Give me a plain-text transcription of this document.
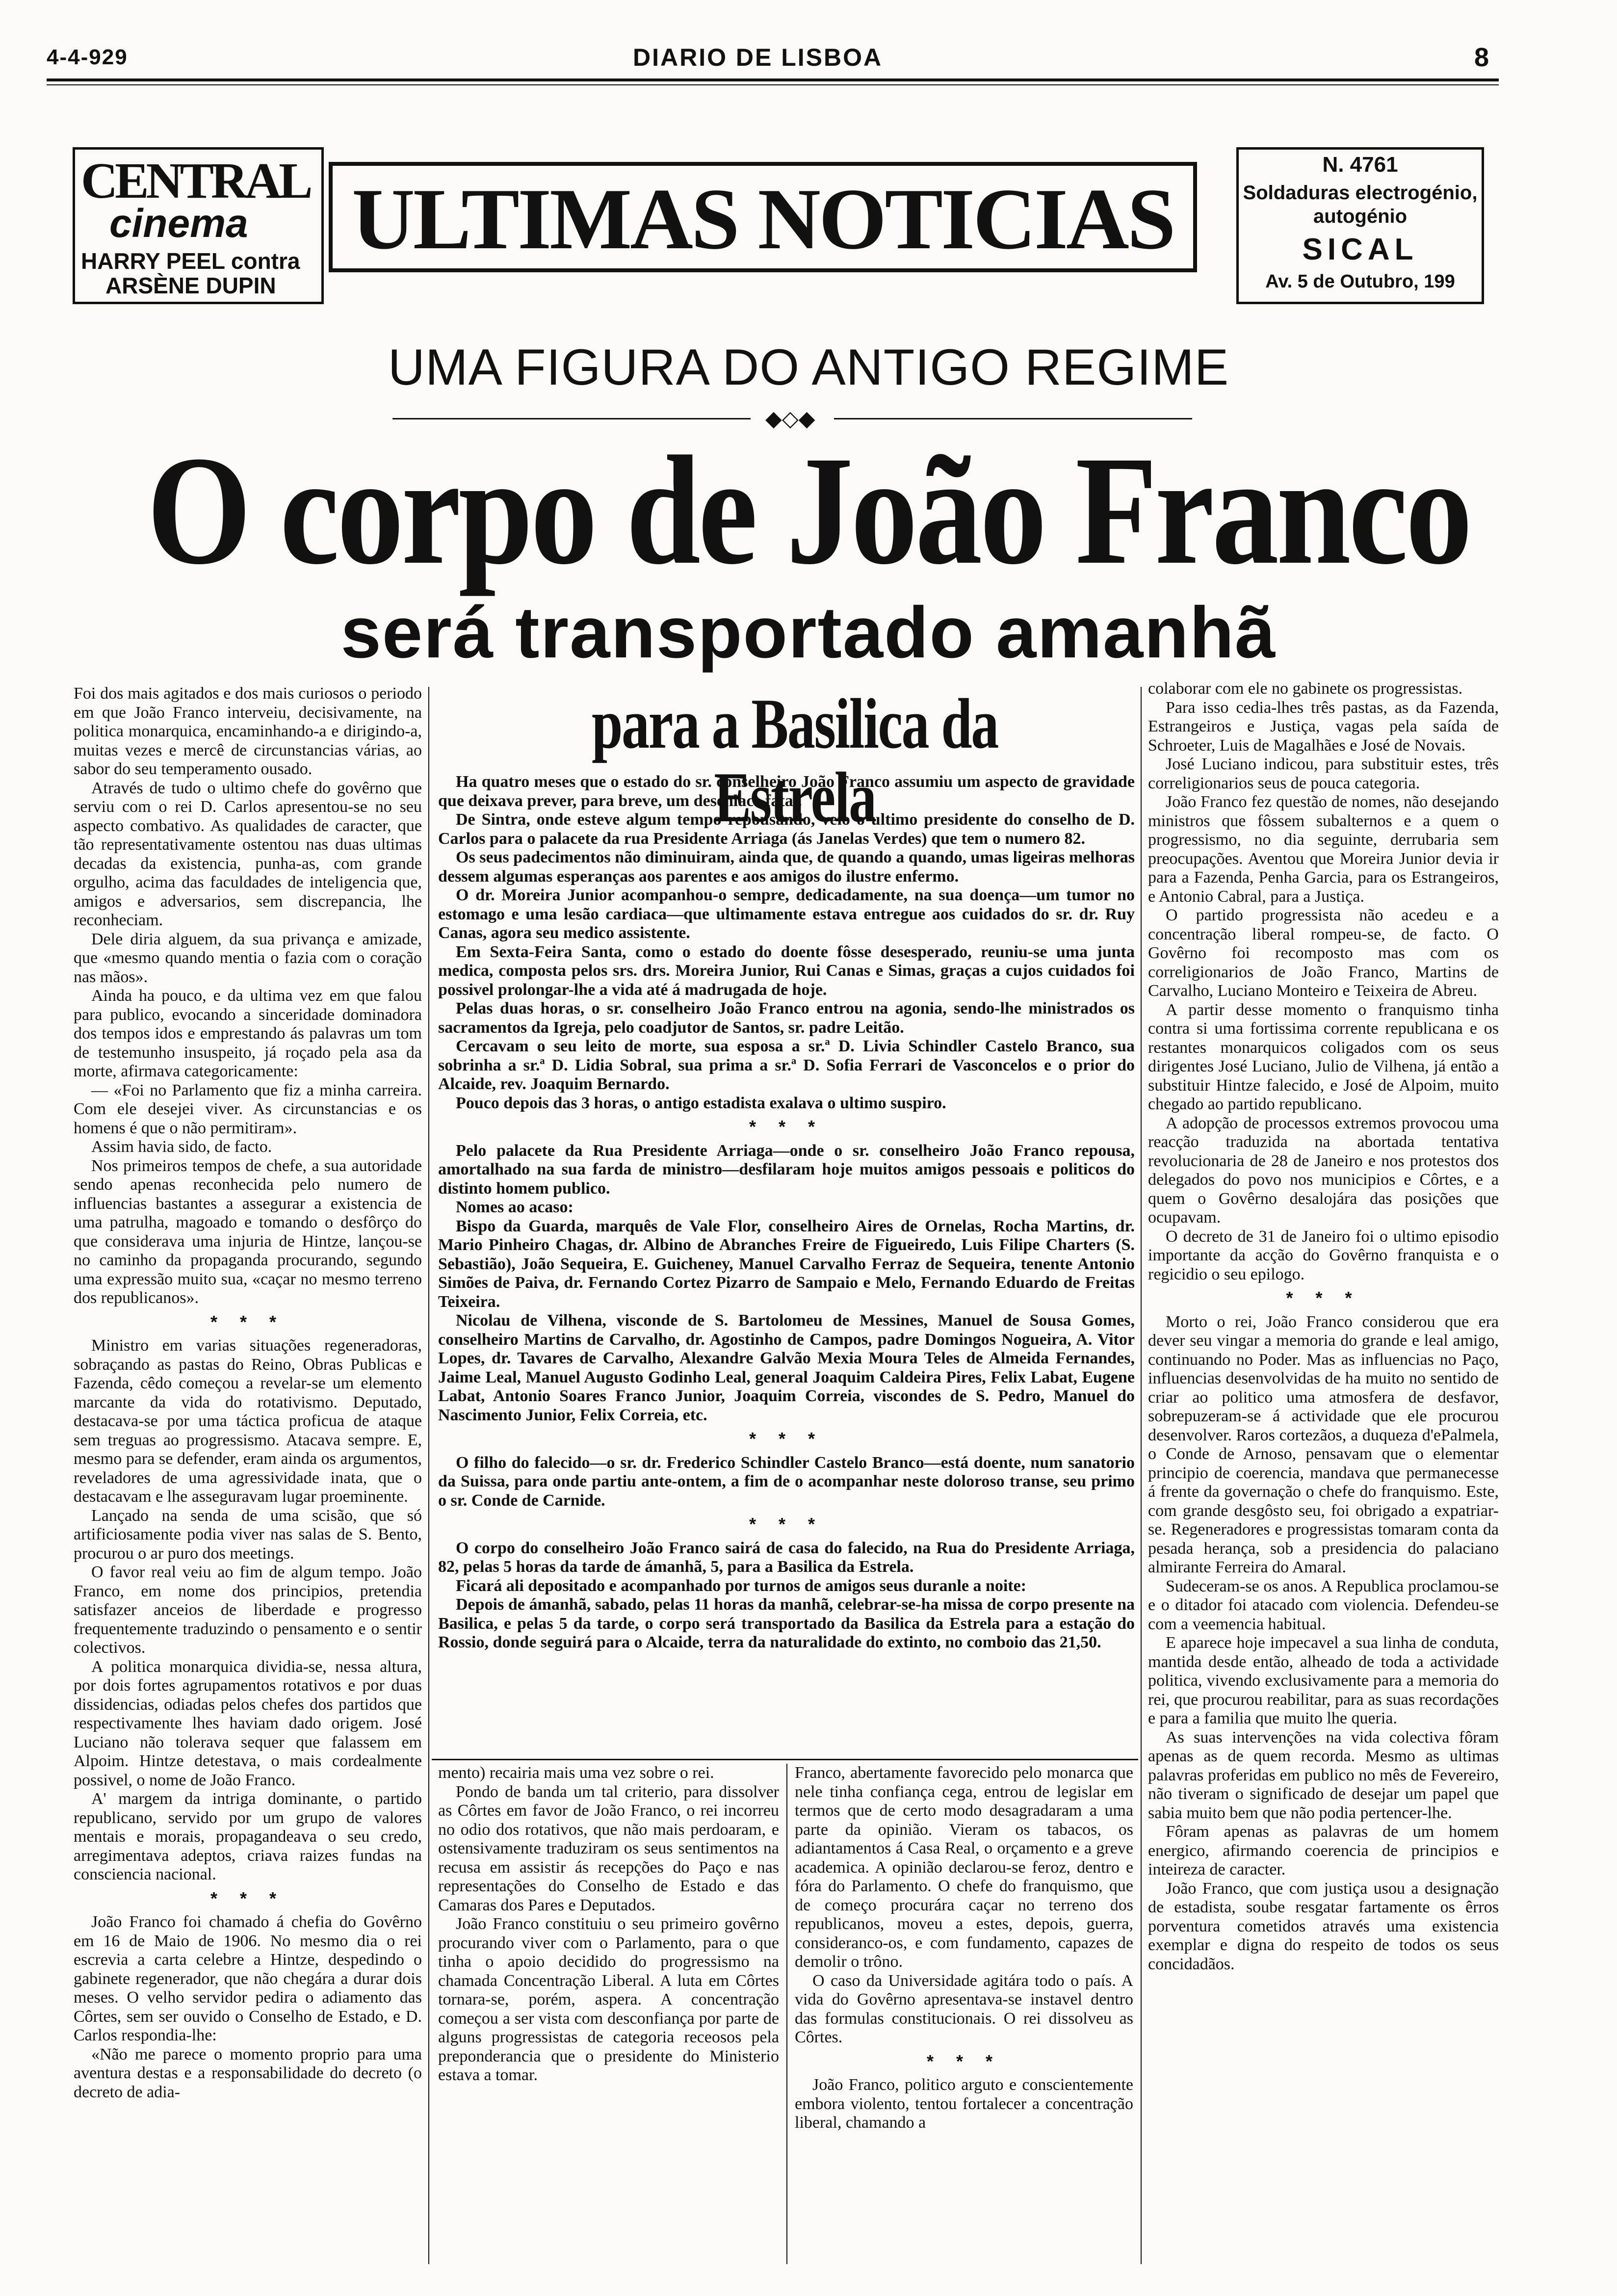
4-4-929	DIARIO DE LISBOA	8
CENTRAL
cinema
HARRY PEEL contra
ARSÈNE DUPIN
ULTIMAS NOTICIAS
N. 4761
Soldaduras electrogénio,
autogénio
SICAL
Av. 5 de Outubro, 199
UMA FIGURA DO ANTIGO REGIME
◆◇◆
O corpo de João Franco
será transportado amanhã
para a Basilica da Estrela

Foi dos mais agitados e dos mais curiosos o periodo em que João Franco interveiu, decisivamente, na politica monarquica, encaminhando-a e dirigindo-a, muitas vezes e mercê de circunstancias várias, ao sabor do seu temperamento ousado.

Através de tudo o ultimo chefe do govêrno que serviu com o rei D. Carlos apresentou-se no seu aspecto combativo. As qualidades de caracter, que tão representativamente ostentou nas duas ultimas decadas da existencia, punha-as, com grande orgulho, acima das faculdades de inteligencia que, amigos e adversarios, sem discrepancia, lhe reconheciam.

Dele diria alguem, da sua privança e amizade, que «mesmo quando mentia o fazia com o coração nas mãos».

Ainda ha pouco, e da ultima vez em que falou para publico, evocando a sinceridade dominadora dos tempos idos e emprestando ás palavras um tom de testemunho insuspeito, já roçado pela asa da morte, afirmava categoricamente:

— «Foi no Parlamento que fiz a minha carreira. Com ele desejei viver. As circunstancias e os homens é que o não permitiram».

Assim havia sido, de facto.

Nos primeiros tempos de chefe, a sua autoridade sendo apenas reconhecida pelo numero de influencias bastantes a assegurar a existencia de uma patrulha, magoado e tomando o desfôrço do que considerava uma injuria de Hintze, lançou-se no caminho da propaganda procurando, segundo uma expressão muito sua, «caçar no mesmo terreno dos republicanos».

* * *

Ministro em varias situações regeneradoras, sobraçando as pastas do Reino, Obras Publicas e Fazenda, cêdo começou a revelar-se um elemento marcante da vida do rotativismo. Deputado, destacava-se por uma táctica proficua de ataque sem treguas ao progressismo. Atacava sempre. E, mesmo para se defender, eram ainda os argumentos, reveladores de uma agressividade inata, que o destacavam e lhe asseguravam lugar proeminente.

Lançado na senda de uma scisão, que só artificiosamente podia viver nas salas de S. Bento, procurou o ar puro dos meetings.

O favor real veiu ao fim de algum tempo. João Franco, em nome dos principios, pretendia satisfazer anceios de liberdade e progresso frequentemente traduzindo o pensamento e o sentir colectivos.

A politica monarquica dividia-se, nessa altura, por dois fortes agrupamentos rotativos e por duas dissidencias, odiadas pelos chefes dos partidos que respectivamente lhes haviam dado origem. José Luciano não tolerava sequer que falassem em Alpoim. Hintze detestava, o mais cordealmente possivel, o nome de João Franco.

A' margem da intriga dominante, o partido republicano, servido por um grupo de valores mentais e morais, propagandeava o seu credo, arregimentava adeptos, criava raizes fundas na consciencia nacional.

* * *

João Franco foi chamado á chefia do Govêrno em 16 de Maio de 1906. No mesmo dia o rei escrevia a carta celebre a Hintze, despedindo o gabinete regenerador, que não chegára a durar dois meses. O velho servidor pedira o adiamento das Côrtes, sem ser ouvido o Conselho de Estado, e D. Carlos respondia-lhe:

«Não me parece o momento proprio para uma aventura destas e a responsabilidade do decreto (o decreto de adia-

Ha quatro meses que o estado do sr. conselheiro João Franco assumiu um aspecto de gravidade que deixava prever, para breve, um desenlace fatal.

De Sintra, onde esteve algum tempo repousando, veio o ultimo presidente do conselho de D. Carlos para o palacete da rua Presidente Arriaga (ás Janelas Verdes) que tem o numero 82.

Os seus padecimentos não diminuiram, ainda que, de quando a quando, umas ligeiras melhoras dessem algumas esperanças aos parentes e aos amigos do ilustre enfermo.

O dr. Moreira Junior acompanhou-o sempre, dedicadamente, na sua doença—um tumor no estomago e uma lesão cardiaca—que ultimamente estava entregue aos cuidados do sr. dr. Ruy Canas, agora seu medico assistente.

Em Sexta-Feira Santa, como o estado do doente fôsse desesperado, reuniu-se uma junta medica, composta pelos srs. drs. Moreira Junior, Rui Canas e Simas, graças a cujos cuidados foi possivel prolongar-lhe a vida até á madrugada de hoje.

Pelas duas horas, o sr. conselheiro João Franco entrou na agonia, sendo-lhe ministrados os sacramentos da Igreja, pelo coadjutor de Santos, sr. padre Leitão.

Cercavam o seu leito de morte, sua esposa a sr.ª D. Livia Schindler Castelo Branco, sua sobrinha a sr.ª D. Lidia Sobral, sua prima a sr.ª D. Sofia Ferrari de Vasconcelos e o prior do Alcaide, rev. Joaquim Bernardo.

Pouco depois das 3 horas, o antigo estadista exalava o ultimo suspiro.

* * *

Pelo palacete da Rua Presidente Arriaga—onde o sr. conselheiro João Franco repousa, amortalhado na sua farda de ministro—desfilaram hoje muitos amigos pessoais e politicos do distinto homem publico.

Nomes ao acaso:

Bispo da Guarda, marquês de Vale Flor, conselheiro Aires de Ornelas, Rocha Martins, dr. Mario Pinheiro Chagas, dr. Albino de Abranches Freire de Figueiredo, Luis Filipe Charters (S. Sebastião), João Sequeira, E. Guicheney, Manuel Carvalho Ferraz de Sequeira, tenente Antonio Simões de Paiva, dr. Fernando Cortez Pizarro de Sampaio e Melo, Fernando Eduardo de Freitas Teixeira.

Nicolau de Vilhena, visconde de S. Bartolomeu de Messines, Manuel de Sousa Gomes, conselheiro Martins de Carvalho, dr. Agostinho de Campos, padre Domingos Nogueira, A. Vitor Lopes, dr. Tavares de Carvalho, Alexandre Galvão Mexia Moura Teles de Almeida Fernandes, Jaime Leal, Manuel Augusto Godinho Leal, general Joaquim Caldeira Pires, Felix Labat, Eugene Labat, Antonio Soares Franco Junior, Joaquim Correia, viscondes de S. Pedro, Manuel do Nascimento Junior, Felix Correia, etc.

* * *

O filho do falecido—o sr. dr. Frederico Schindler Castelo Branco—está doente, num sanatorio da Suissa, para onde partiu ante-ontem, a fim de o acompanhar neste doloroso transe, seu primo o sr. Conde de Carnide.

* * *

O corpo do conselheiro João Franco sairá de casa do falecido, na Rua do Presidente Arriaga, 82, pelas 5 horas da tarde de ámanhã, 5, para a Basilica da Estrela.

Ficará ali depositado e acompanhado por turnos de amigos seus duranle a noite:

Depois de ámanhã, sabado, pelas 11 horas da manhã, celebrar-se-ha missa de corpo presente na Basilica, e pelas 5 da tarde, o corpo será transportado da Basilica da Estrela para a estação do Rossio, donde seguirá para o Alcaide, terra da naturalidade do extinto, no comboio das 21,50.

mento) recairia mais uma vez sobre o rei.

Pondo de banda um tal criterio, para dissolver as Côrtes em favor de João Franco, o rei incorreu no odio dos rotativos, que não mais perdoaram, e ostensivamente traduziram os seus sentimentos na recusa em assistir ás recepções do Paço e nas representações do Conselho de Estado e das Camaras dos Pares e Deputados.

João Franco constituiu o seu primeiro govêrno procurando viver com o Parlamento, para o que tinha o apoio decidido do progressismo na chamada Concentração Liberal. A luta em Côrtes tornara-se, porém, aspera. A concentração começou a ser vista com desconfiança por parte de alguns progressistas de categoria receosos pela preponderancia que o presidente do Ministerio estava a tomar.

Franco, abertamente favorecido pelo monarca que nele tinha confiança cega, entrou de legislar em termos que de certo modo desagradaram a uma parte da opinião. Vieram os tabacos, os adiantamentos á Casa Real, o orçamento e a greve academica. A opinião declarou-se feroz, dentro e fóra do Parlamento. O chefe do franquismo, que de começo procurára caçar no terreno dos republicanos, moveu a estes, depois, guerra, consideranco-os, e com fundamento, capazes de demolir o trôno.

O caso da Universidade agitára todo o país. A vida do Govêrno apresentava-se instavel dentro das formulas constitucionais. O rei dissolveu as Côrtes.

* * *

João Franco, politico arguto e conscientemente embora violento, tentou fortalecer a concentração liberal, chamando a

colaborar com ele no gabinete os progressistas.

Para isso cedia-lhes três pastas, as da Fazenda, Estrangeiros e Justiça, vagas pela saída de Schroeter, Luis de Magalhães e José de Novais.

José Luciano indicou, para substituir estes, três correligionarios seus de pouca categoria.

João Franco fez questão de nomes, não desejando ministros que fôssem subalternos e a quem o progressismo, no dia seguinte, derrubaria sem preocupações. Aventou que Moreira Junior devia ir para a Fazenda, Penha Garcia, para os Estrangeiros, e Antonio Cabral, para a Justiça.

O partido progressista não acedeu e a concentração liberal rompeu-se, de facto. O Govêrno foi recomposto mas com os correligionarios de João Franco, Martins de Carvalho, Luciano Monteiro e Teixeira de Abreu.

A partir desse momento o franquismo tinha contra si uma fortissima corrente republicana e os restantes monarquicos coligados com os seus dirigentes José Luciano, Julio de Vilhena, já então a substituir Hintze falecido, e José de Alpoim, muito chegado ao partido republicano.

A adopção de processos extremos provocou uma reacção traduzida na abortada tentativa revolucionaria de 28 de Janeiro e nos protestos dos delegados do povo nos municipios e Côrtes, e a quem o Govêrno desalojára das posições que ocupavam.

O decreto de 31 de Janeiro foi o ultimo episodio importante da acção do Govêrno franquista e o regicidio o seu epilogo.

* * *

Morto o rei, João Franco considerou que era dever seu vingar a memoria do grande e leal amigo, continuando no Poder. Mas as influencias no Paço, influencias desenvolvidas de ha muito no sentido de criar ao politico uma atmosfera de desfavor, sobrepuzeram-se á actividade que ele procurou desenvolver. Raros cortezãos, a duqueza d'ePalmela, o Conde de Arnoso, pensavam que o elementar principio de coerencia, mandava que permanecesse á frente da governação o chefe do franquismo. Este, com grande desgôsto seu, foi obrigado a expatriar-se. Regeneradores e progressistas tomaram conta da pesada herança, sob a presidencia do palaciano almirante Ferreira do Amaral.

Sudeceram-se os anos. A Republica proclamou-se e o ditador foi atacado com violencia. Defendeu-se com a veemencia habitual.

E aparece hoje impecavel a sua linha de conduta, mantida desde então, alheado de toda a actividade politica, vivendo exclusivamente para a memoria do rei, que procurou reabilitar, para as suas recordações e para a familia que muito lhe queria.

As suas intervenções na vida colectiva fôram apenas as de quem recorda. Mesmo as ultimas palavras proferidas em publico no mês de Fevereiro, não tiveram o significado de desejar um papel que sabia muito bem que não podia pertencer-lhe.

Fôram apenas as palavras de um homem energico, afirmando coerencia de principios e inteireza de caracter.

João Franco, que com justiça usou a designação de estadista, soube resgatar fartamente os êrros porventura cometidos através uma existencia exemplar e digna do respeito de todos os seus concidadãos.
